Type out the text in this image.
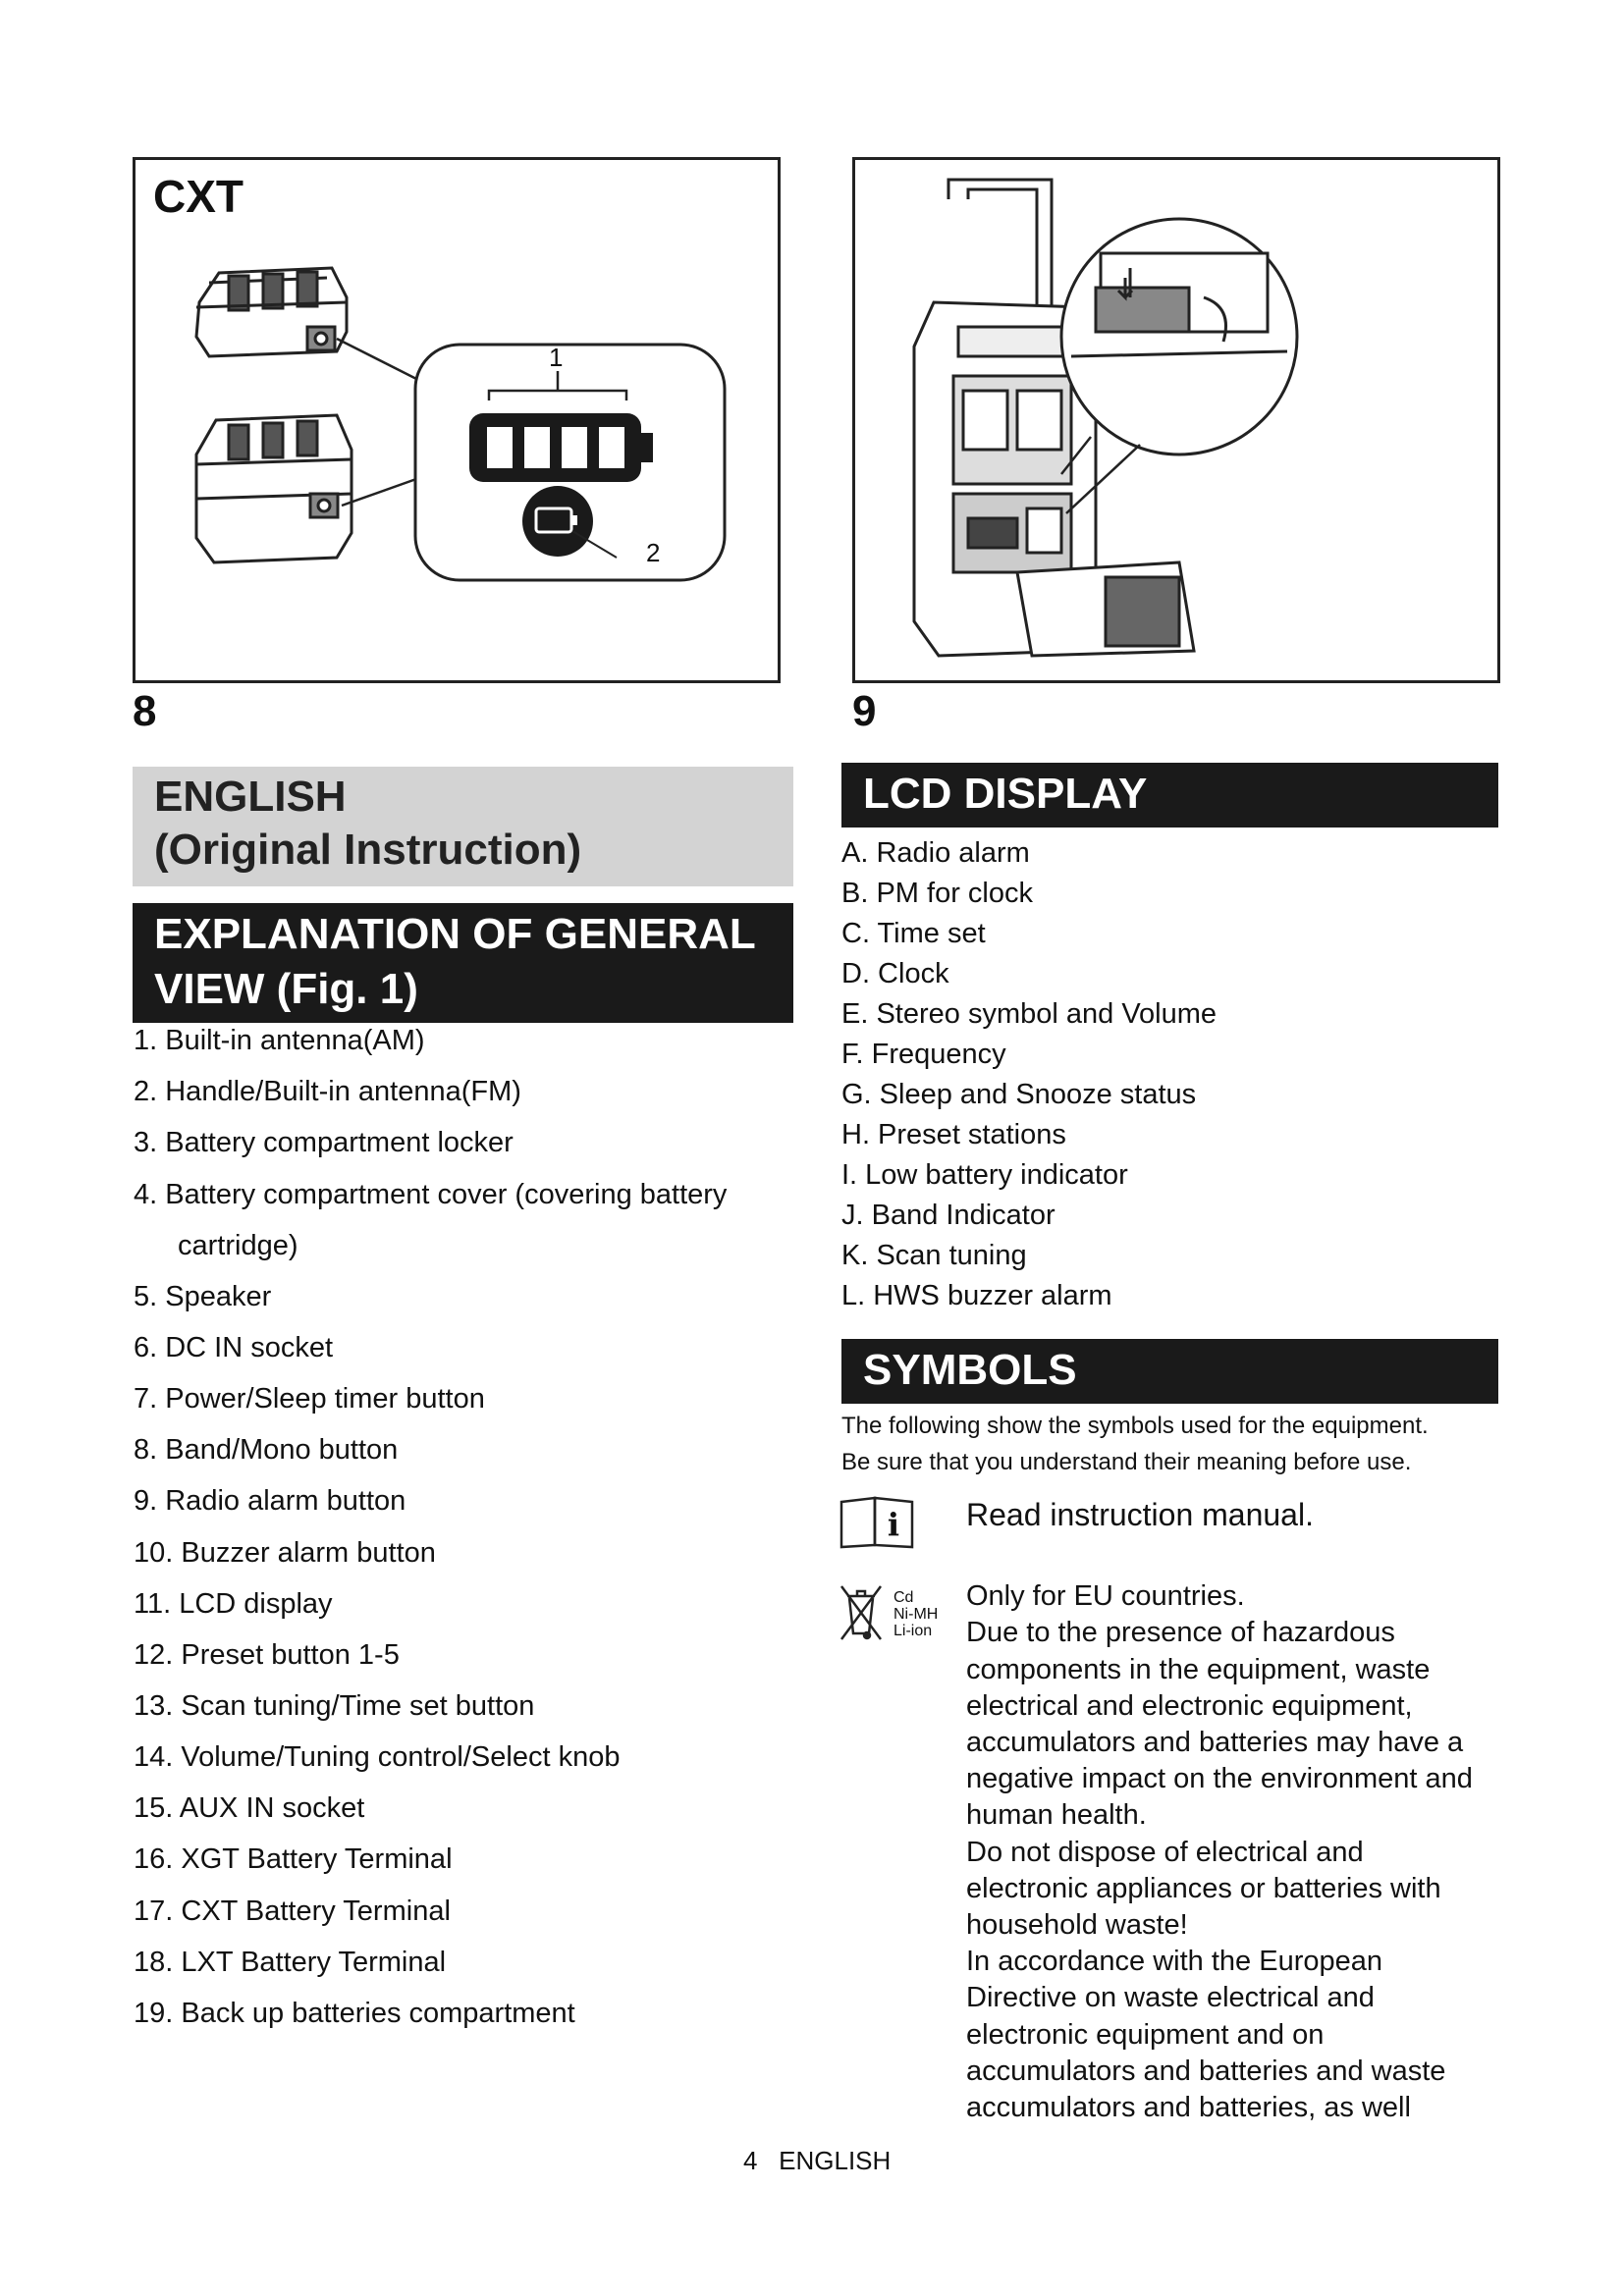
CXT
1
2
8	9
ENGLISH
(Original Instruction)
EXPLANATION OF GENERAL
VIEW (Fig. 1)
1. Built-in antenna(AM)
2. Handle/Built-in antenna(FM)
3. Battery compartment locker
4. Battery compartment cover (covering battery
cartridge)
5. Speaker
6. DC IN socket
7. Power/Sleep timer button
8. Band/Mono button
9. Radio alarm button
10. Buzzer alarm button
11. LCD display
12. Preset button 1-5
13. Scan tuning/Time set button
14. Volume/Tuning control/Select knob
15. AUX IN socket
16. XGT Battery Terminal
17. CXT Battery Terminal
18. LXT Battery Terminal
19. Back up batteries compartment
LCD DISPLAY
A. Radio alarm
B. PM for clock
C. Time set
D. Clock
E. Stereo symbol and Volume
F. Frequency
G. Sleep and Snooze status
H. Preset stations
I. Low battery indicator
J. Band Indicator
K. Scan tuning
L. HWS buzzer alarm
SYMBOLS
The following show the symbols used for the equipment.
Be sure that you understand their meaning before use.
i Read instruction manual.
Cd
Ni-MH
Li-ion
Only for EU countries.
Due to the presence of hazardous
components in the equipment, waste
electrical and electronic equipment,
accumulators and batteries may have a
negative impact on the environment and
human health.
Do not dispose of electrical and
electronic appliances or batteries with
household waste!
In accordance with the European
Directive on waste electrical and
electronic equipment and on
accumulators and batteries and waste
accumulators and batteries, as well
4 ENGLISH
